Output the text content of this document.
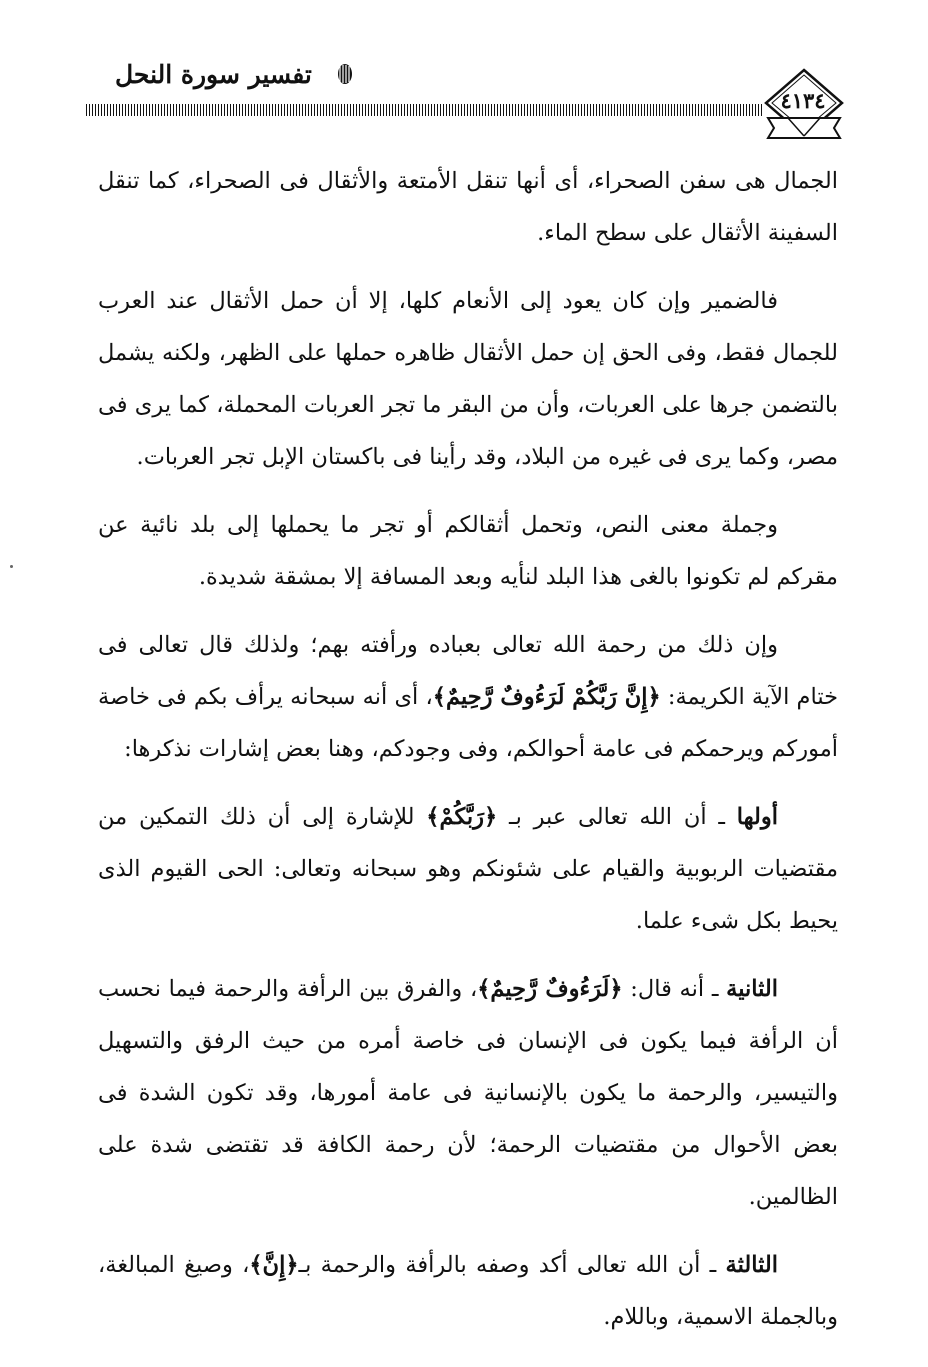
تفسير سورة النحل
٤١٣٤

الجمال هى سفن الصحراء، أى أنها تنقل الأمتعة والأثقال فى الصحراء، كما تنقل السفينة الأثقال على سطح الماء.

فالضمير وإن كان يعود إلى الأنعام كلها، إلا أن حمل الأثقال عند العرب للجمال فقط، وفى الحق إن حمل الأثقال ظاهره حملها على الظهر، ولكنه يشمل بالتضمن جرها على العربات، وأن من البقر ما تجر العربات المحملة، كما يرى فى مصر، وكما يرى فى غيره من البلاد، وقد رأينا فى باكستان الإبل تجر العربات.

وجملة معنى النص، وتحمل أثقالكم أو تجر ما يحملها إلى بلد نائية عن مقركم لم تكونوا بالغى هذا البلد لنأيه وبعد المسافة إلا بمشقة شديدة.

وإن ذلك من رحمة الله تعالى بعباده ورأفته بهم؛ ولذلك قال تعالى فى ختام الآية الكريمة: ﴿إِنَّ رَبَّكُمْ لَرَءُوفٌ رَّحِيمٌ﴾، أى أنه سبحانه يرأف بكم فى خاصة أموركم ويرحمكم فى عامة أحوالكم، وفى وجودكم، وهنا بعض إشارات نذكرها:

أولها ـ أن الله تعالى عبر بـ ﴿رَبَّكُمْ﴾ للإشارة إلى أن ذلك التمكين من مقتضيات الربوبية والقيام على شئونكم وهو سبحانه وتعالى: الحى القيوم الذى يحيط بكل شىء علما.

الثانية ـ أنه قال: ﴿لَرَءُوفٌ رَّحِيمٌ﴾، والفرق بين الرأفة والرحمة فيما نحسب أن الرأفة فيما يكون فى الإنسان فى خاصة أمره من حيث الرفق والتسهيل والتيسير، والرحمة ما يكون بالإنسانية فى عامة أمورها، وقد تكون الشدة فى بعض الأحوال من مقتضيات الرحمة؛ لأن رحمة الكافة قد تقتضى شدة على الظالمين.

الثالثة ـ أن الله تعالى أكد وصفه بالرأفة والرحمة بـ﴿إِنَّ﴾، وصيغ المبالغة، وبالجملة الاسمية، وباللام.
